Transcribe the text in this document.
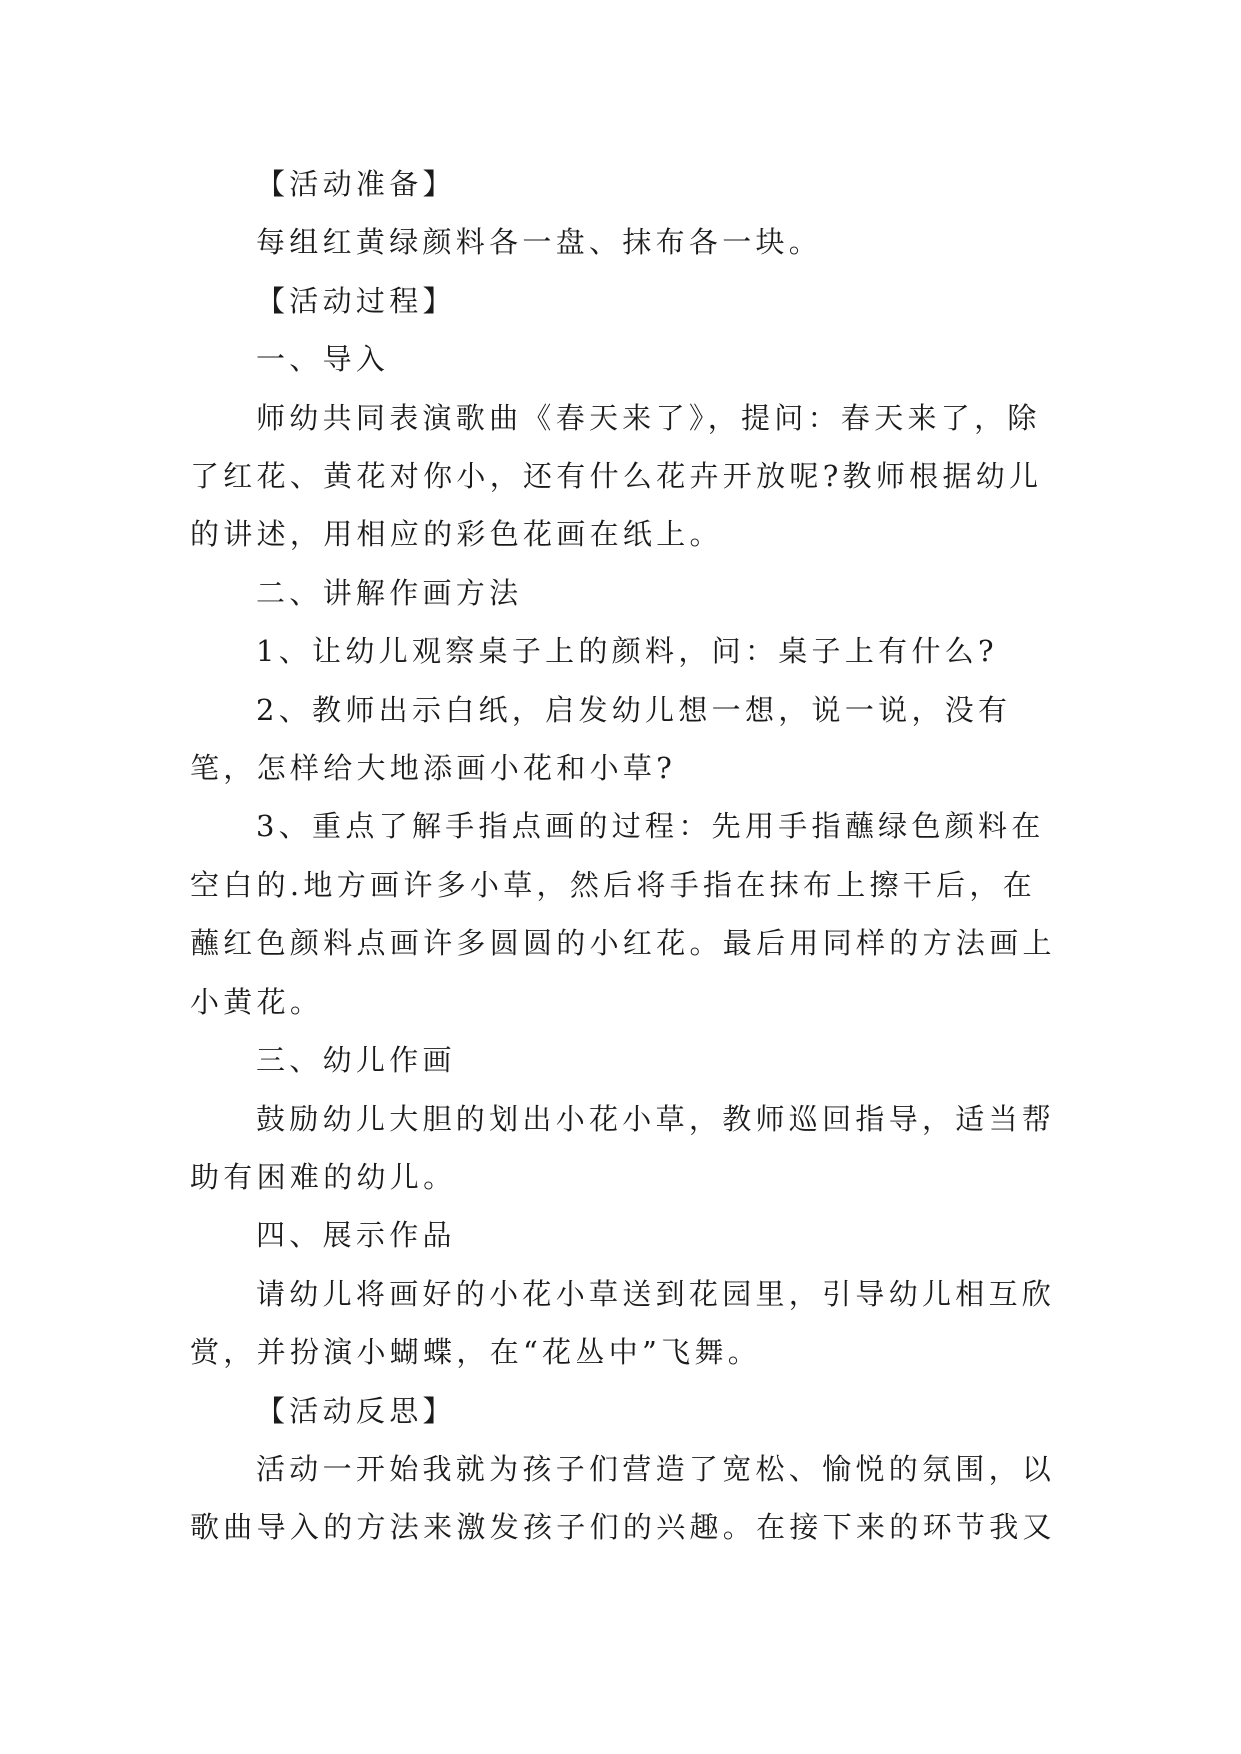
【活动准备】

每组红黄绿颜料各一盘、抹布各一块。

【活动过程】

一、导入

师幼共同表演歌曲《春天来了》，提问：春天来了，除了红花、黄花对你小，还有什么花卉开放呢?教师根据幼儿的讲述，用相应的彩色花画在纸上。

二、讲解作画方法

1、让幼儿观察桌子上的颜料，问：桌子上有什么?

2、教师出示白纸，启发幼儿想一想，说一说，没有笔，怎样给大地添画小花和小草?

3、重点了解手指点画的过程：先用手指蘸绿色颜料在空白的.地方画许多小草，然后将手指在抹布上擦干后，在蘸红色颜料点画许多圆圆的小红花。最后用同样的方法画上小黄花。

三、幼儿作画

鼓励幼儿大胆的划出小花小草，教师巡回指导，适当帮助有困难的幼儿。

四、展示作品

请幼儿将画好的小花小草送到花园里，引导幼儿相互欣赏，并扮演小蝴蝶，在“花丛中”飞舞。

【活动反思】

活动一开始我就为孩子们营造了宽松、愉悦的氛围，以歌曲导入的方法来激发孩子们的兴趣。在接下来的环节我又
